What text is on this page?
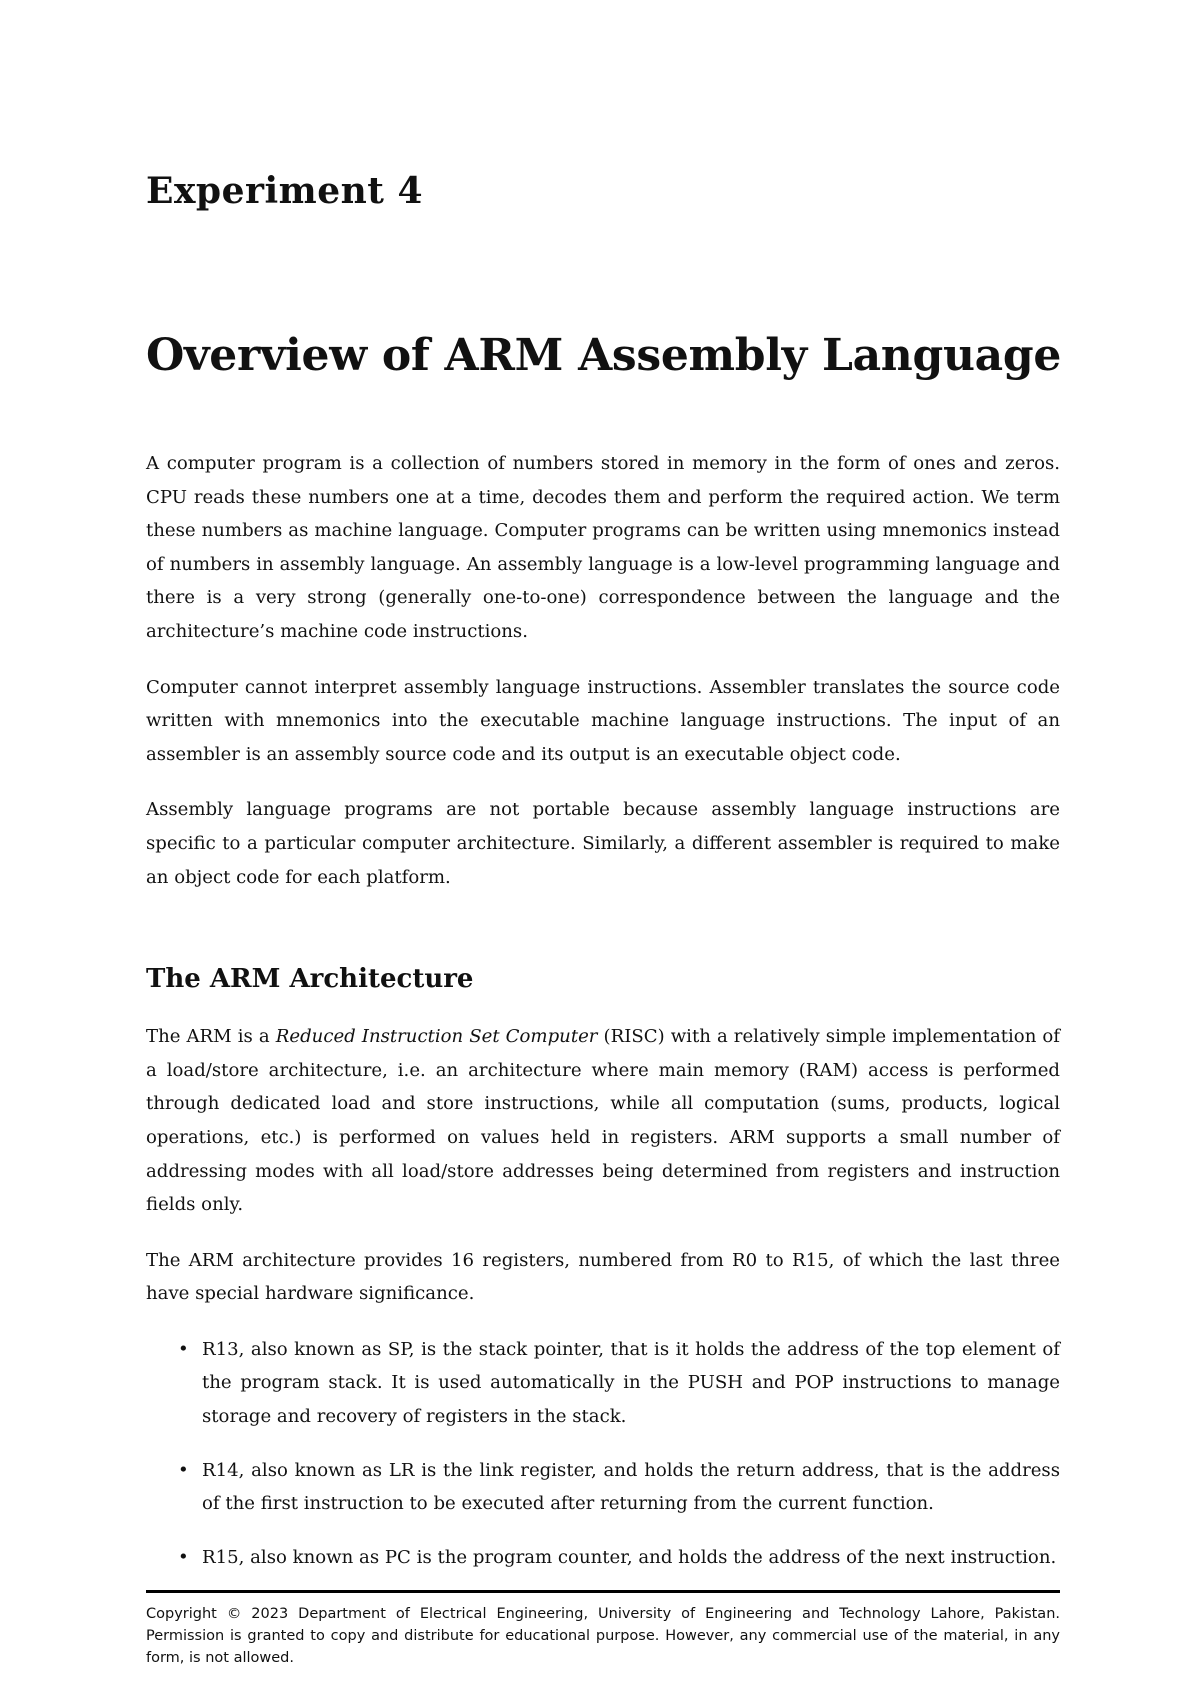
Experiment 4
Overview of ARM Assembly Language

A computer program is a collection of numbers stored in memory in the form of ones and zeros. CPU reads these numbers one at a time, decodes them and perform the required action. We term these numbers as machine language. Computer programs can be written using mnemonics instead of numbers in assembly language. An assembly language is a low-level programming language and there is a very strong (generally one-to-one) correspondence between the language and the architecture’s machine code instructions.

Computer cannot interpret assembly language instructions. Assembler translates the source code written with mnemonics into the executable machine language instructions. The input of an assembler is an assembly source code and its output is an executable object code.

Assembly language programs are not portable because assembly language instructions are specific to a particular computer architecture. Similarly, a different assembler is required to make an object code for each platform.

The ARM Architecture

The ARM is a Reduced Instruction Set Computer (RISC) with a relatively simple implementation of a load/store architecture, i.e. an architecture where main memory (RAM) access is performed through dedicated load and store instructions, while all computation (sums, products, logical operations, etc.) is performed on values held in registers. ARM supports a small number of addressing modes with all load/store addresses being determined from registers and instruction fields only.

The ARM architecture provides 16 registers, numbered from R0 to R15, of which the last three have special hardware significance.

• R13, also known as SP, is the stack pointer, that is it holds the address of the top element of the program stack. It is used automatically in the PUSH and POP instructions to manage storage and recovery of registers in the stack.
• R14, also known as LR is the link register, and holds the return address, that is the address of the first instruction to be executed after returning from the current function.
• R15, also known as PC is the program counter, and holds the address of the next instruction.
Copyright © 2023 Department of Electrical Engineering, University of Engineering and Technology Lahore, Pakistan. Permission is granted to copy and distribute for educational purpose. However, any commercial use of the material, in any form, is not allowed.
